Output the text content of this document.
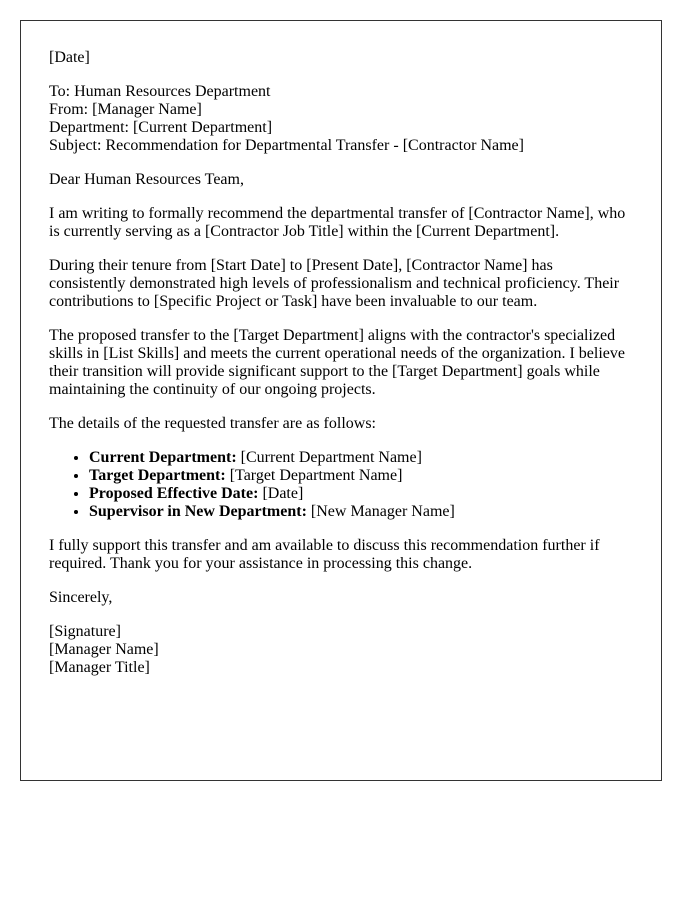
[Date]

To: Human Resources Department
From: [Manager Name]
Department: [Current Department]
Subject: Recommendation for Departmental Transfer - [Contractor Name]

Dear Human Resources Team,

I am writing to formally recommend the departmental transfer of [Contractor Name], who is currently serving as a [Contractor Job Title] within the [Current Department].

During their tenure from [Start Date] to [Present Date], [Contractor Name] has consistently demonstrated high levels of professionalism and technical proficiency. Their contributions to [Specific Project or Task] have been invaluable to our team.

The proposed transfer to the [Target Department] aligns with the contractor's specialized skills in [List Skills] and meets the current operational needs of the organization. I believe their transition will provide significant support to the [Target Department] goals while maintaining the continuity of our ongoing projects.

The details of the requested transfer are as follows:

• Current Department: [Current Department Name]
• Target Department: [Target Department Name]
• Proposed Effective Date: [Date]
• Supervisor in New Department: [New Manager Name]

I fully support this transfer and am available to discuss this recommendation further if required. Thank you for your assistance in processing this change.

Sincerely,

[Signature]
[Manager Name]
[Manager Title]
